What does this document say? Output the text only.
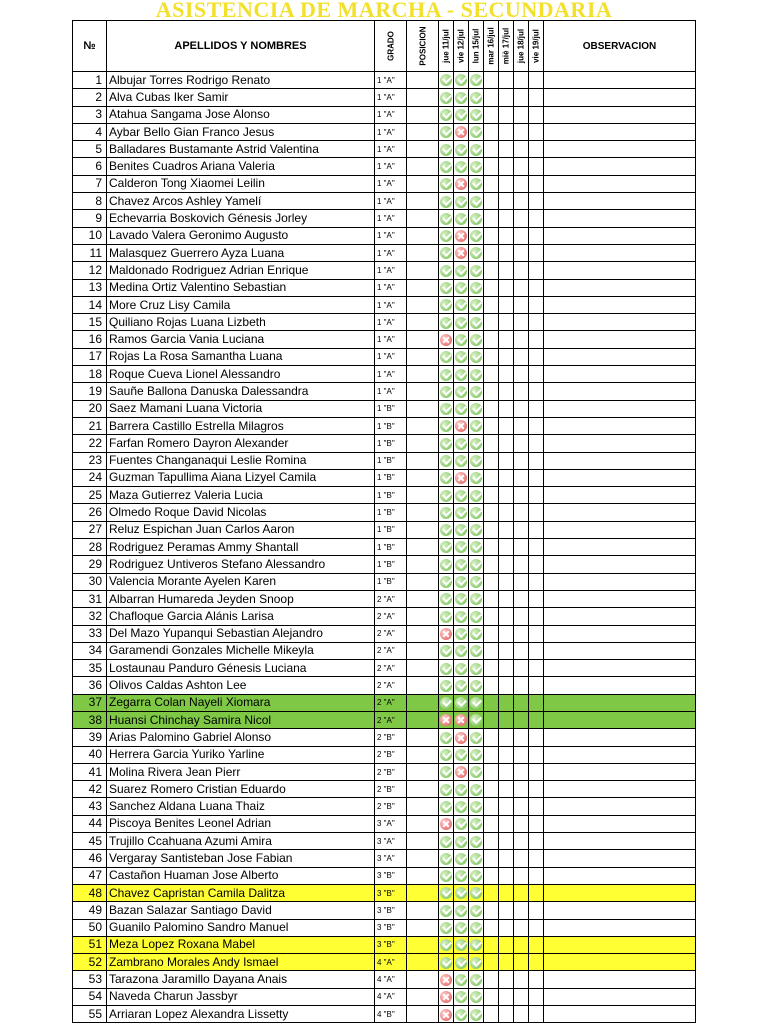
ASISTENCIA DE MARCHA - SECUNDARIA
№	APELLIDOS Y NOMBRES	GRADO	POSICION	jue 11/jul	vie 12/jul	lun 15/jul	mar 16/jul	miè 17/jul	jue 18/jul	vie 19/jul	OBSERVACION
1	Albujar Torres Rodrigo Renato	1 "A"									
2	Alva Cubas Iker Samir	1 "A"									
3	Atahua Sangama Jose Alonso	1 "A"									
4	Aybar Bello Gian Franco Jesus	1 "A"									
5	Balladares Bustamante Astrid Valentina	1 "A"									
6	Benites Cuadros Ariana Valeria	1 "A"									
7	Calderon Tong Xiaomei Leilin	1 "A"									
8	Chavez Arcos Ashley Yamelí	1 "A"									
9	Echevarria Boskovich Génesis Jorley	1 "A"									
10	Lavado Valera Geronimo Augusto	1 "A"									
11	Malasquez Guerrero Ayza Luana	1 "A"									
12	Maldonado Rodriguez Adrian Enrique	1 "A"									
13	Medina Ortiz Valentino Sebastian	1 "A"									
14	More Cruz Lisy Camila	1 "A"									
15	Quiliano Rojas Luana Lizbeth	1 "A"									
16	Ramos Garcia Vania Luciana	1 "A"									
17	Rojas La Rosa Samantha Luana	1 "A"									
18	Roque Cueva Lionel Alessandro	1 "A"									
19	Sauñe Ballona Danuska Dalessandra	1 "A"									
20	Saez Mamani Luana Victoria	1 "B"									
21	Barrera Castillo Estrella Milagros	1 "B"									
22	Farfan Romero Dayron Alexander	1 "B"									
23	Fuentes Changanaqui Leslie Romina	1 "B"									
24	Guzman Tapullima Aiana Lizyel Camila	1 "B"									
25	Maza Gutierrez Valeria Lucia	1 "B"									
26	Olmedo Roque David Nicolas	1 "B"									
27	Reluz Espichan Juan Carlos Aaron	1 "B"									
28	Rodriguez Peramas Ammy Shantall	1 "B"									
29	Rodriguez Untiveros Stefano Alessandro	1 "B"									
30	Valencia Morante Ayelen Karen	1 "B"									
31	Albarran Humareda Jeyden Snoop	2 "A"									
32	Chafloque Garcia Alánis Larisa	2 "A"									
33	Del Mazo Yupanqui Sebastian Alejandro	2 "A"									
34	Garamendi Gonzales Michelle Mikeyla	2 "A"									
35	Lostaunau Panduro Génesis Luciana	2 "A"									
36	Olivos Caldas Ashton Lee	2 "A"									
37	Zegarra Colan Nayeli Xiomara	2 "A"									
38	Huansi Chinchay Samira Nicol	2 "A"									
39	Arias Palomino Gabriel Alonso	2 "B"									
40	Herrera Garcia Yuriko Yarline	2 "B"									
41	Molina Rivera Jean Pierr	2 "B"									
42	Suarez Romero Cristian Eduardo	2 "B"									
43	Sanchez Aldana Luana Thaiz	2 "B"									
44	Piscoya Benites Leonel Adrian	3 "A"									
45	Trujillo Ccahuana Azumi Amira	3 "A"									
46	Vergaray Santisteban Jose Fabian	3 "A"									
47	Castañon Huaman Jose Alberto	3 "B"									
48	Chavez Capristan Camila Dalitza	3 "B"									
49	Bazan Salazar Santiago David	3 "B"									
50	Guanilo Palomino Sandro Manuel	3 "B"									
51	Meza Lopez Roxana Mabel	3 "B"									
52	Zambrano Morales Andy Ismael	4 "A"									
53	Tarazona Jaramillo Dayana Anais	4 "A"									
54	Naveda Charun Jassbyr	4 "A"									
55	Arriaran Lopez Alexandra Lissetty	4 "B"									
